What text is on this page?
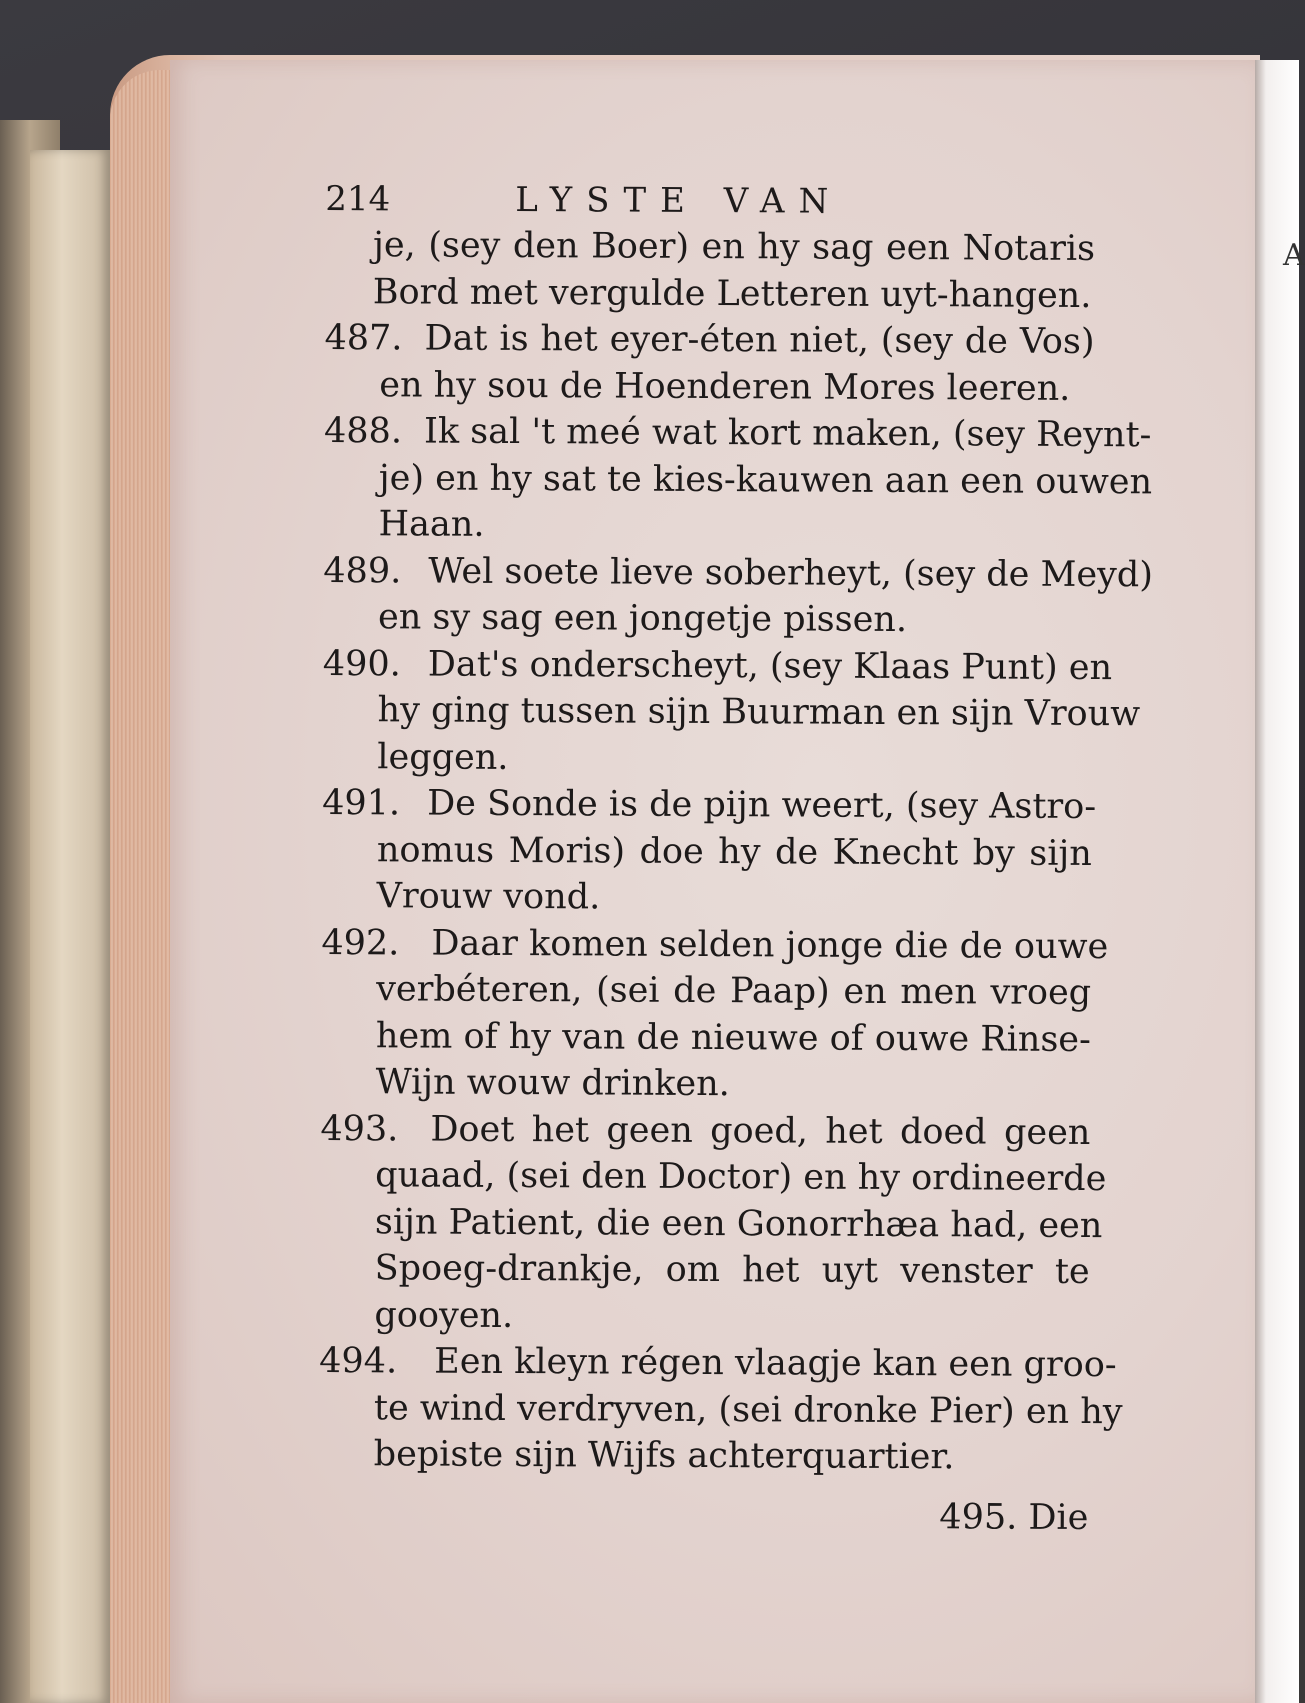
A
214	LYSTE VAN
je, (sey den Boer) en hy sag een Notaris
Bord met vergulde Letteren uyt-hangen.
487. Dat is het eyer-éten niet, (sey de Vos)
en hy sou de Hoenderen Mores leeren.
488. Ik sal 't meé wat kort maken, (sey Reynt-
je) en hy sat te kies-kauwen aan een ouwen
Haan.
489. Wel soete lieve soberheyt, (sey de Meyd)
en sy sag een jongetje pissen.
490. Dat's onderscheyt, (sey Klaas Punt) en
hy ging tussen sijn Buurman en sijn Vrouw
leggen.
491. De Sonde is de pijn weert, (sey Astro-
nomus Moris) doe hy de Knecht by sijn
Vrouw vond.
492. Daar komen selden jonge die de ouwe
verbéteren, (sei de Paap) en men vroeg
hem of hy van de nieuwe of ouwe Rinse-
Wijn wouw drinken.
493. Doet het geen goed, het doed geen
quaad, (sei den Doctor) en hy ordineerde
sijn Patient, die een Gonorrhæa had, een
Spoeg-drankje, om het uyt venster te
gooyen.
494.	Een kleyn régen vlaagje kan een groo-
te wind verdryven, (sei dronke Pier) en hy
bepiste sijn Wijfs achterquartier.
495. Die
